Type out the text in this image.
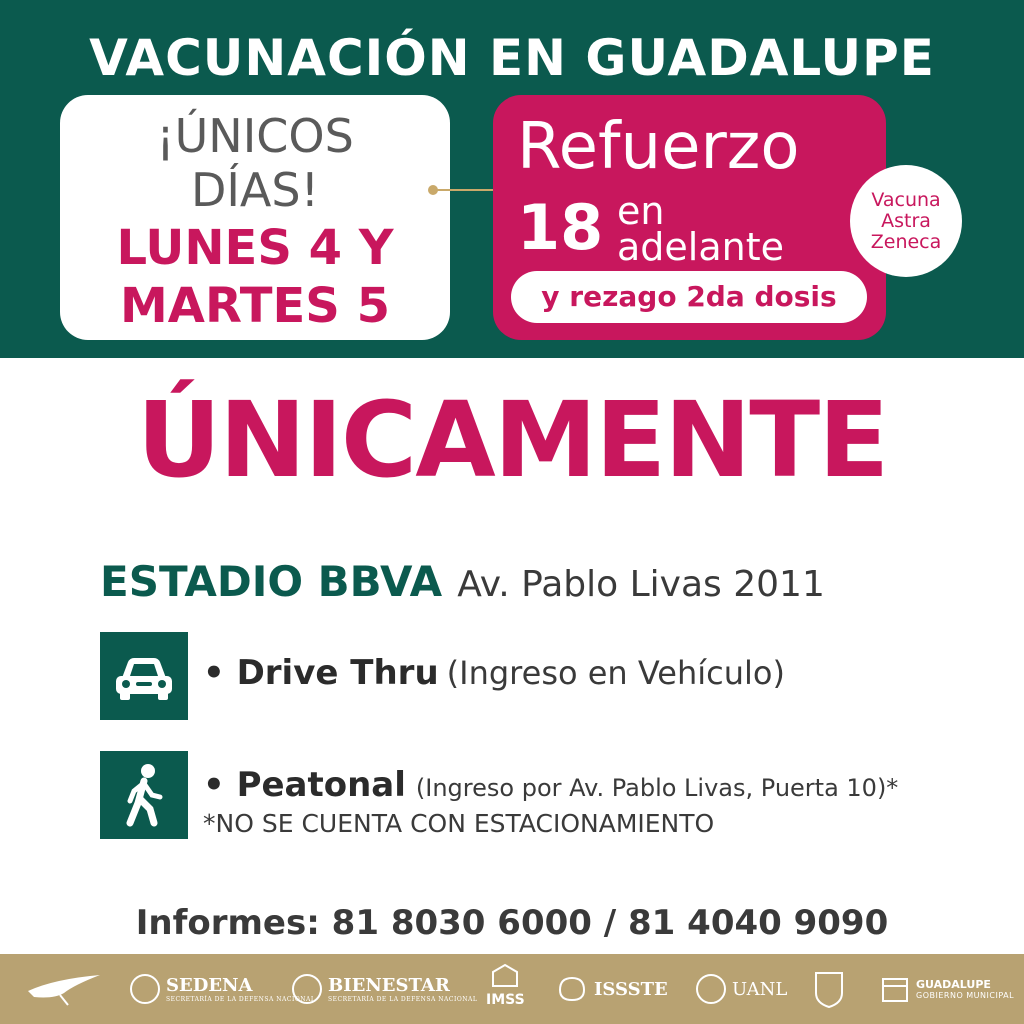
VACUNACIÓN EN GUADALUPE
¡ÚNICOS
DÍAS!
LUNES 4 Y
MARTES 5
Refuerzo
18 en
adelante
y rezago 2da dosis
Vacuna
Astra
Zeneca
ÚNICAMENTE
ESTADIO BBVA Av. Pablo Livas 2011
• Drive Thru (Ingreso en Vehículo)
• Peatonal (Ingreso por Av. Pablo Livas, Puerta 10)*
*NO SE CUENTA CON ESTACIONAMIENTO
Informes: 81 8030 6000 / 81 4040 9090
SEDENA
SECRETARÍA DE LA DEFENSA NACIONAL
BIENESTAR
SECRETARÍA DE LA DEFENSA NACIONAL IMSS
ISSSTE	UANL	GUADALUPE
GOBIERNO MUNICIPAL
